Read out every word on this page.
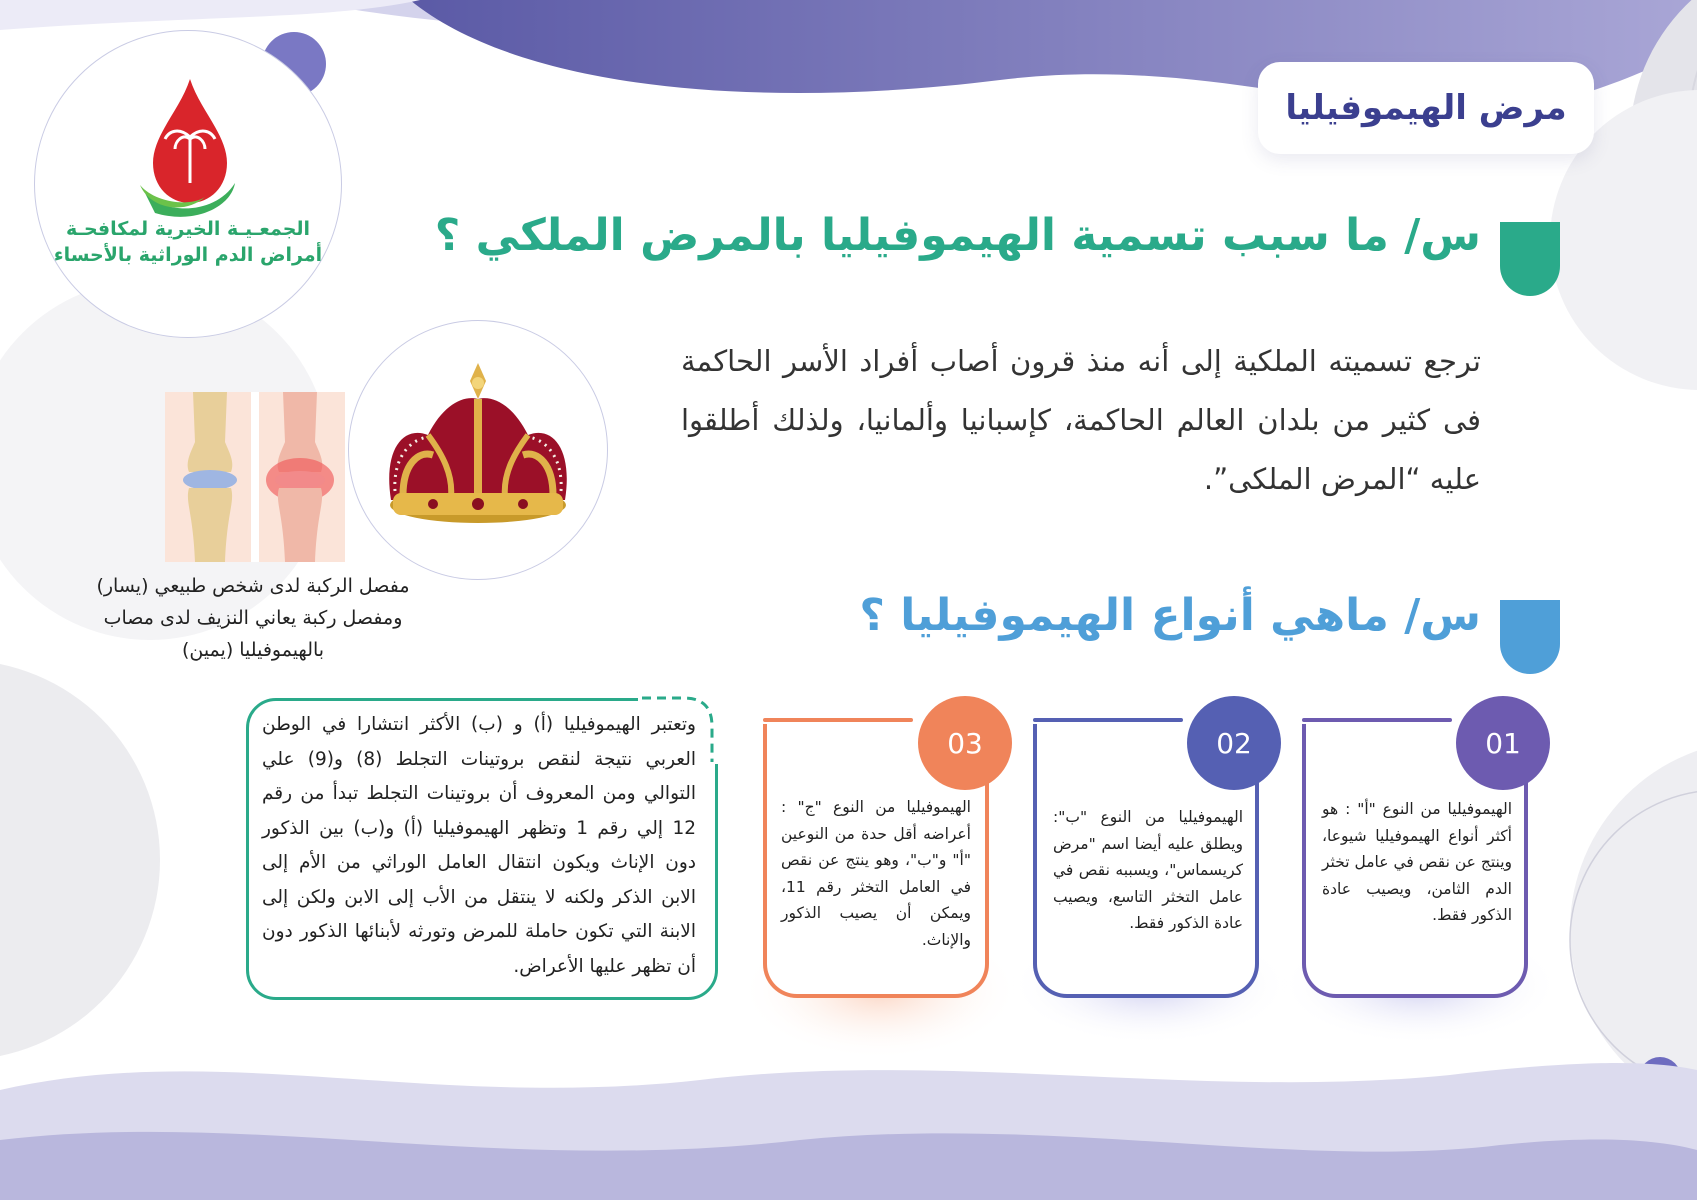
مرض الهيموفيليا
الجمعـيـة الخيرية لمكافحـة
أمراض الدم الوراثية بالأحساء	س/ ما سبب تسمية الهيموفيليا بالمرض الملكي ؟
ترجع تسميته الملكية إلى أنه منذ قرون أصاب أفراد الأسر الحاكمة فى كثير من بلدان العالم الحاكمة، كإسبانيا وألمانيا، ولذلك أطلقوا عليه “المرض الملكى”.
مفصل الركبة لدى شخص طبيعي (يسار) ومفصل ركبة يعاني النزيف لدى مصاب بالهيموفيليا (يمين)
س/ ماهي أنواع الهيموفيليا ؟
وتعتبر الهيموفيليا (أ) و (ب) الأكثر انتشارا في الوطن العربي نتيجة لنقص بروتينات التجلط (8) و(9) علي التوالي ومن المعروف أن بروتينات التجلط تبدأ من رقم 12 إلي رقم 1 وتظهر الهيموفيليا (أ) و(ب) بين الذكور دون الإناث ويكون انتقال العامل الوراثي من الأم إلى الابن الذكر ولكنه لا ينتقل من الأب إلى الابن ولكن إلى الابنة التي تكون حاملة للمرض وتورثه لأبنائها الذكور دون أن تظهر عليها الأعراض.
01
الهيموفيليا من النوع "أ" : هو أكثر أنواع الهيموفيليا شيوعا، وينتج عن نقص في عامل تخثر الدم الثامن، ويصيب عادة الذكور فقط.
02
الهيموفيليا من النوع "ب": ويطلق عليه أيضا اسم "مرض كريسماس"، ويسببه نقص في عامل التخثر التاسع، ويصيب عادة الذكور فقط.
03
الهيموفيليا من النوع "ج" : أعراضه أقل حدة من النوعين "أ" و"ب"، وهو ينتج عن نقص في العامل التخثر رقم 11، ويمكن أن يصيب الذكور والإناث.
